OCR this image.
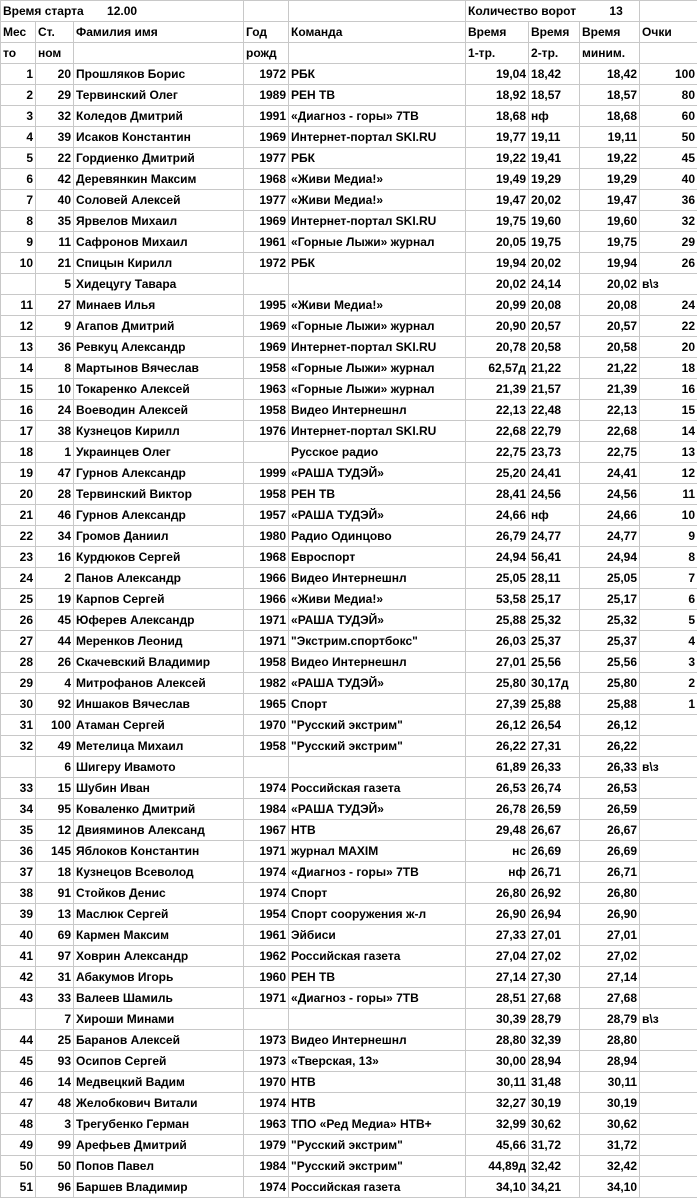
Время старта 12.00					Количество ворот 13			
Мес	Ст.	Фамилия имя	Год	Команда	Время	Время	Время	Очки
то	ном		рожд		1-тр.	2-тр.	миним.	
1	20	Прошляков Борис	1972	РБК	19,04	18,42	18,42	100
2	29	Тервинский Олег	1989	РЕН ТВ	18,92	18,57	18,57	80
3	32	Коледов Дмитрий	1991	«Диагноз - горы» 7ТВ	18,68	нф	18,68	60
4	39	Исаков Константин	1969	Интернет-портал SKI.RU	19,77	19,11	19,11	50
5	22	Гордиенко Дмитрий	1977	РБК	19,22	19,41	19,22	45
6	42	Деревянкин Максим	1968	«Живи Медиа!»	19,49	19,29	19,29	40
7	40	Соловей Алексей	1977	«Живи Медиа!»	19,47	20,02	19,47	36
8	35	Ярвелов Михаил	1969	Интернет-портал SKI.RU	19,75	19,60	19,60	32
9	11	Сафронов Михаил	1961	«Горные Лыжи» журнал	20,05	19,75	19,75	29
10	21	Спицын Кирилл	1972	РБК	19,94	20,02	19,94	26
	5	Хидецугу Тавара			20,02	24,14	20,02	в\з
11	27	Минаев Илья	1995	«Живи Медиа!»	20,99	20,08	20,08	24
12	9	Агапов Дмитрий	1969	«Горные Лыжи» журнал	20,90	20,57	20,57	22
13	36	Ревкуц Александр	1969	Интернет-портал SKI.RU	20,78	20,58	20,58	20
14	8	Мартынов Вячеслав	1958	«Горные Лыжи» журнал	62,57д	21,22	21,22	18
15	10	Токаренко Алексей	1963	«Горные Лыжи» журнал	21,39	21,57	21,39	16
16	24	Воеводин Алексей	1958	Видео Интернешнл	22,13	22,48	22,13	15
17	38	Кузнецов Кирилл	1976	Интернет-портал SKI.RU	22,68	22,79	22,68	14
18	1	Украинцев Олег		Русское радио	22,75	23,73	22,75	13
19	47	Гурнов Александр	1999	«РАША ТУДЭЙ»	25,20	24,41	24,41	12
20	28	Тервинский Виктор	1958	РЕН ТВ	28,41	24,56	24,56	11
21	46	Гурнов Александр	1957	«РАША ТУДЭЙ»	24,66	нф	24,66	10
22	34	Громов Даниил	1980	Радио Одинцово	26,79	24,77	24,77	9
23	16	Курдюков Сергей	1968	Евроспорт	24,94	56,41	24,94	8
24	2	Панов Александр	1966	Видео Интернешнл	25,05	28,11	25,05	7
25	19	Карпов Сергей	1966	«Живи Медиа!»	53,58	25,17	25,17	6
26	45	Юферев Александр	1971	«РАША ТУДЭЙ»	25,88	25,32	25,32	5
27	44	Меренков Леонид	1971	"Экстрим.спортбокс"	26,03	25,37	25,37	4
28	26	Скачевский Владимир	1958	Видео Интернешнл	27,01	25,56	25,56	3
29	4	Митрофанов Алексей	1982	«РАША ТУДЭЙ»	25,80	30,17д	25,80	2
30	92	Иншаков Вячеслав	1965	Спорт	27,39	25,88	25,88	1
31	100	Атаман Сергей	1970	"Русский экстрим"	26,12	26,54	26,12	
32	49	Метелица Михаил	1958	"Русский экстрим"	26,22	27,31	26,22	
	6	Шигеру Ивамото			61,89	26,33	26,33	в\з
33	15	Шубин Иван	1974	Российская газета	26,53	26,74	26,53	
34	95	Коваленко Дмитрий	1984	«РАША ТУДЭЙ»	26,78	26,59	26,59	
35	12	Двияминов Александ	1967	НТВ	29,48	26,67	26,67	
36	145	Яблоков Константин	1971	журнал MAXIM	нс	26,69	26,69	
37	18	Кузнецов Всеволод	1974	«Диагноз - горы» 7ТВ	нф	26,71	26,71	
38	91	Стойков Денис	1974	Спорт	26,80	26,92	26,80	
39	13	Маслюк Сергей	1954	Спорт сооружения ж-л	26,90	26,94	26,90	
40	69	Кармен Максим	1961	Эйбиси	27,33	27,01	27,01	
41	97	Ховрин Александр	1962	Российская газета	27,04	27,02	27,02	
42	31	Абакумов Игорь	1960	РЕН ТВ	27,14	27,30	27,14	
43	33	Валеев Шамиль	1971	«Диагноз - горы» 7ТВ	28,51	27,68	27,68	
	7	Хироши Минами			30,39	28,79	28,79	в\з
44	25	Баранов Алексей	1973	Видео Интернешнл	28,80	32,39	28,80	
45	93	Осипов Сергей	1973	«Тверская, 13»	30,00	28,94	28,94	
46	14	Медвецкий Вадим	1970	НТВ	30,11	31,48	30,11	
47	48	Желобкович Витали	1974	НТВ	32,27	30,19	30,19	
48	3	Трегубенко Герман	1963	ТПО «Ред Медиа» НТВ+	32,99	30,62	30,62	
49	99	Арефьев Дмитрий	1979	"Русский экстрим"	45,66	31,72	31,72	
50	50	Попов Павел	1984	"Русский экстрим"	44,89д	32,42	32,42	
51	96	Баршев Владимир	1974	Российская газета	34,10	34,21	34,10	
